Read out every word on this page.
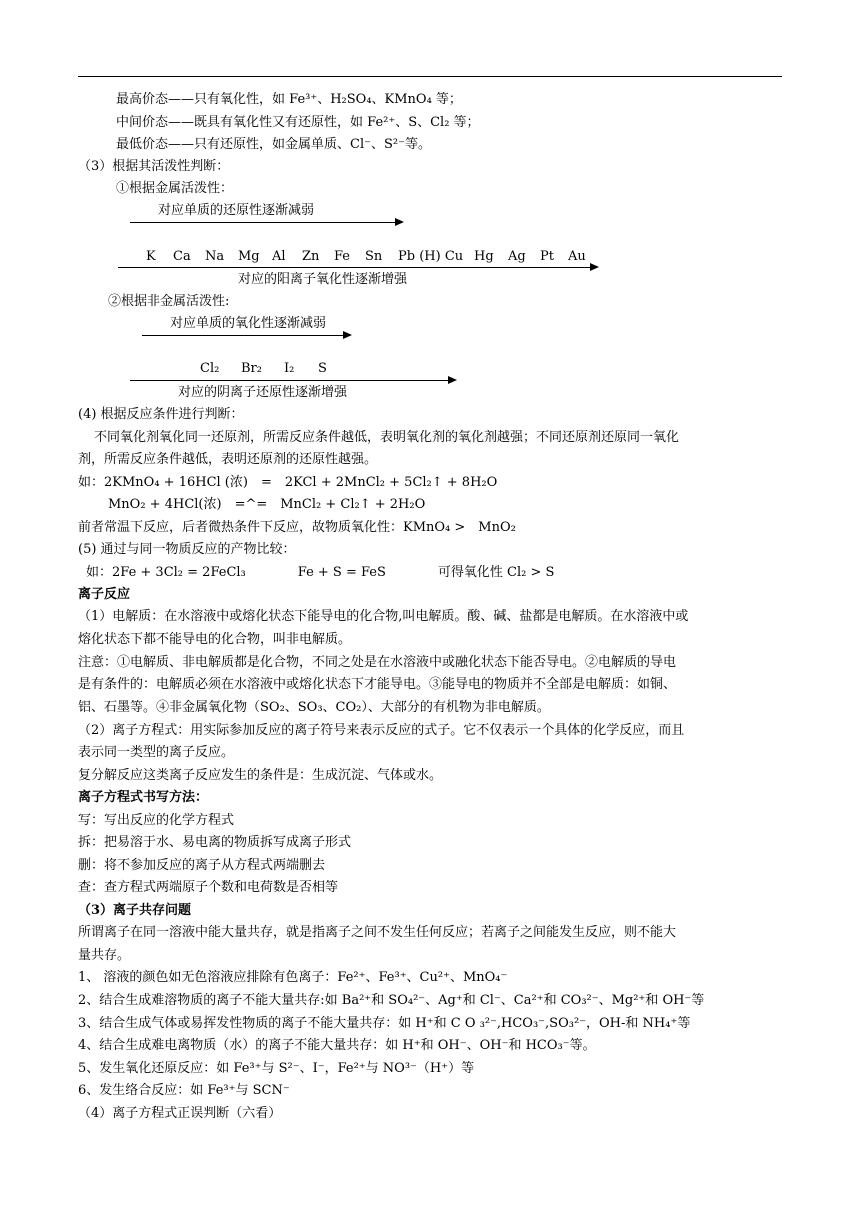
最高价态——只有氧化性，如 Fe³⁺、H₂SO₄、KMnO₄ 等；
中间价态——既具有氧化性又有还原性，如 Fe²⁺、S、Cl₂ 等；
最低价态——只有还原性，如金属单质、Cl⁻、S²⁻等。
（3）根据其活泼性判断：
①根据金属活泼性：
对应单质的还原性逐渐减弱
K Ca Na Mg Al Zn Fe Sn Pb (H) Cu Hg Ag Pt Au
对应的阳离子氧化性逐渐增强
②根据非金属活泼性:
对应单质的氧化性逐渐减弱
Cl₂ Br₂ I₂ S
对应的阴离子还原性逐渐增强
(4) 根据反应条件进行判断：
不同氧化剂氧化同一还原剂，所需反应条件越低，表明氧化剂的氧化剂越强；不同还原剂还原同一氧化
剂，所需反应条件越低，表明还原剂的还原性越强。
如：2KMnO₄ + 16HCl (浓)　=　2KCl + 2MnCl₂ + 5Cl₂↑ + 8H₂O
MnO₂ + 4HCl(浓)　=^=　MnCl₂ + Cl₂↑ + 2H₂O
前者常温下反应，后者微热条件下反应，故物质氧化性：KMnO₄ >　MnO₂
(5) 通过与同一物质反应的产物比较：
如：2Fe + 3Cl₂ = 2FeCl₃　　　　Fe + S = FeS　　　　可得氧化性 Cl₂ > S
离子反应
（1）电解质：在水溶液中或熔化状态下能导电的化合物,叫电解质。酸、碱、盐都是电解质。在水溶液中或
熔化状态下都不能导电的化合物，叫非电解质。
注意：①电解质、非电解质都是化合物，不同之处是在水溶液中或融化状态下能否导电。②电解质的导电
是有条件的：电解质必须在水溶液中或熔化状态下才能导电。③能导电的物质并不全部是电解质：如铜、
铝、石墨等。④非金属氧化物（SO₂、SO₃、CO₂）、大部分的有机物为非电解质。
（2）离子方程式：用实际参加反应的离子符号来表示反应的式子。它不仅表示一个具体的化学反应，而且
表示同一类型的离子反应。
复分解反应这类离子反应发生的条件是：生成沉淀、气体或水。
离子方程式书写方法：
写：写出反应的化学方程式
拆：把易溶于水、易电离的物质拆写成离子形式
删：将不参加反应的离子从方程式两端删去
查：查方程式两端原子个数和电荷数是否相等
（3）离子共存问题
所谓离子在同一溶液中能大量共存，就是指离子之间不发生任何反应；若离子之间能发生反应，则不能大
量共存。
1、 溶液的颜色如无色溶液应排除有色离子：Fe²⁺、Fe³⁺、Cu²⁺、MnO₄⁻
2、结合生成难溶物质的离子不能大量共存:如 Ba²⁺和 SO₄²⁻、Ag⁺和 Cl⁻、Ca²⁺和 CO₃²⁻、Mg²⁺和 OH⁻等
3、结合生成气体或易挥发性物质的离子不能大量共存：如 H⁺和 C O ₃²⁻,HCO₃⁻,SO₃²⁻，OH-和 NH₄⁺等
4、结合生成难电离物质（水）的离子不能大量共存：如 H⁺和 OH⁻、OH⁻和 HCO₃⁻等。
5、发生氧化还原反应：如 Fe³⁺与 S²⁻、I⁻，Fe²⁺与 NO³⁻（H⁺）等
6、发生络合反应：如 Fe³⁺与 SCN⁻
（4）离子方程式正误判断（六看）
